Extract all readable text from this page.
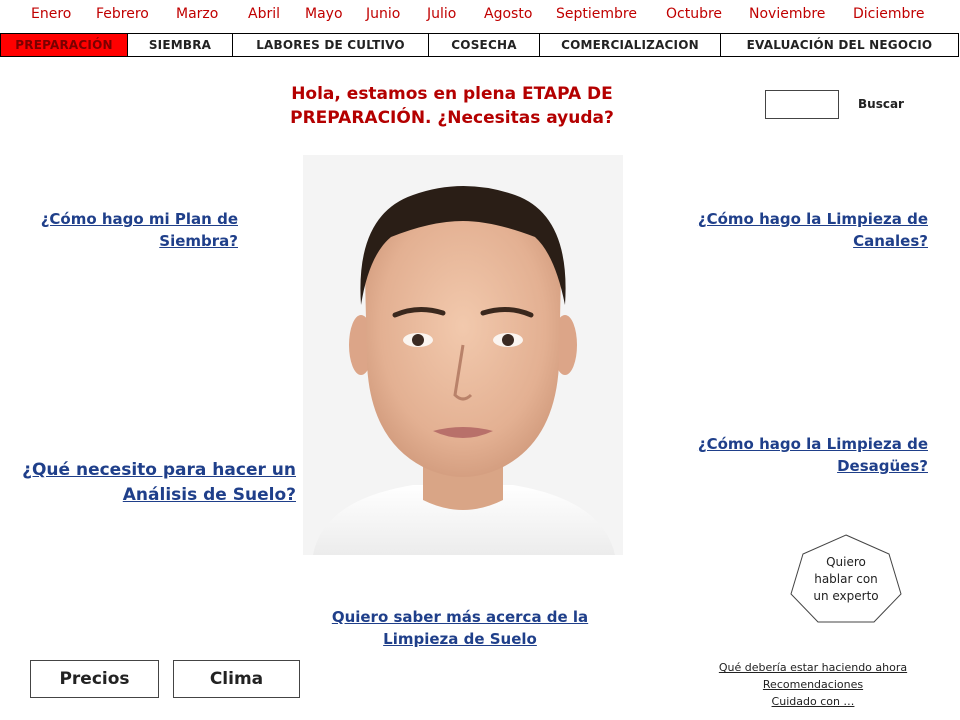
Enero Febrero Marzo Abril Mayo Junio Julio Agosto Septiembre Octubre Noviembre Diciembre
PREPARACIÓN	SIEMBRA	LABORES DE CULTIVO	COSECHA	COMERCIALIZACION	EVALUACIÓN DEL NEGOCIO
Hola, estamos en plena ETAPA DE PREPARACIÓN. ¿Necesitas ayuda?
Buscar
¿Cómo hago mi Plan de Siembra?
¿Cómo hago la Limpieza de Canales?
¿Qué necesito para hacer un Análisis de Suelo?
¿Cómo hago la Limpieza de Desagües?
Quiero saber más acerca de la Limpieza de Suelo
Quiero hablar con un experto
Precios	Clima
Qué debería estar haciendo ahora
Recomendaciones
Cuidado con …
